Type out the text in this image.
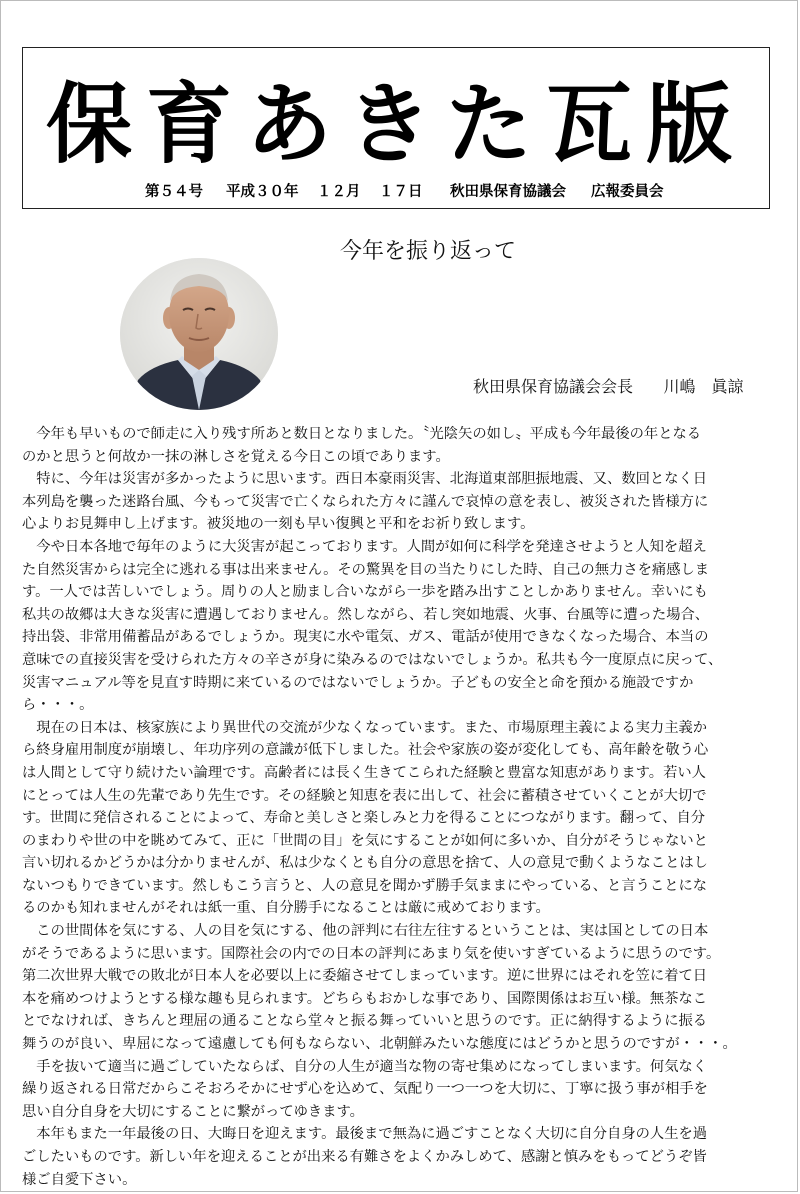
保育あきた瓦版
第５４号 平成３０年 １２月 １７日 秋田県保育協議会 広報委員会
今年を振り返って
秋田県保育協議会会長 川嶋　眞諒
　今年も早いもので師走に入り残す所あと数日となりました。〝光陰矢の如し〟平成も今年最後の年となる
のかと思うと何故か一抹の淋しさを覚える今日この頃であります。
　特に、今年は災害が多かったように思います。西日本豪雨災害、北海道東部胆振地震、又、数回となく日
本列島を襲った迷路台風、今もって災害で亡くなられた方々に謹んで哀悼の意を表し、被災された皆様方に
心よりお見舞申し上げます。被災地の一刻も早い復興と平和をお祈り致します。
　今や日本各地で毎年のように大災害が起こっております。人間が如何に科学を発達させようと人知を超え
た自然災害からは完全に逃れる事は出来ません。その驚異を目の当たりにした時、自己の無力さを痛感しま
す。一人では苦しいでしょう。周りの人と励まし合いながら一歩を踏み出すことしかありません。幸いにも
私共の故郷は大きな災害に遭遇しておりません。然しながら、若し突如地震、火事、台風等に遭った場合、
持出袋、非常用備蓄品があるでしょうか。現実に水や電気、ガス、電話が使用できなくなった場合、本当の
意味での直接災害を受けられた方々の辛さが身に染みるのではないでしょうか。私共も今一度原点に戻って、
災害マニュアル等を見直す時期に来ているのではないでしょうか。子どもの安全と命を預かる施設ですか
ら・・・。
　現在の日本は、核家族により異世代の交流が少なくなっています。また、市場原理主義による実力主義か
ら終身雇用制度が崩壊し、年功序列の意識が低下しました。社会や家族の姿が変化しても、高年齢を敬う心
は人間として守り続けたい論理です。高齢者には長く生きてこられた経験と豊富な知恵があります。若い人
にとっては人生の先輩であり先生です。その経験と知恵を表に出して、社会に蓄積させていくことが大切で
す。世間に発信されることによって、寿命と美しさと楽しみと力を得ることにつながります。翻って、自分
のまわりや世の中を眺めてみて、正に「世間の目」を気にすることが如何に多いか、自分がそうじゃないと
言い切れるかどうかは分かりませんが、私は少なくとも自分の意思を捨て、人の意見で動くようなことはし
ないつもりできています。然しもこう言うと、人の意見を聞かず勝手気ままにやっている、と言うことにな
るのかも知れませんがそれは紙一重、自分勝手になることは厳に戒めております。
　この世間体を気にする、人の目を気にする、他の評判に右往左往するということは、実は国としての日本
がそうであるように思います。国際社会の内での日本の評判にあまり気を使いすぎているように思うのです。
第二次世界大戦での敗北が日本人を必要以上に委縮させてしまっています。逆に世界にはそれを笠に着て日
本を痛めつけようとする様な趣も見られます。どちらもおかしな事であり、国際関係はお互い様。無茶なこ
とでなければ、きちんと理屈の通ることなら堂々と振る舞っていいと思うのです。正に納得するように振る
舞うのが良い、卑屈になって遠慮しても何もならない、北朝鮮みたいな態度にはどうかと思うのですが・・・。
　手を抜いて適当に過ごしていたならば、自分の人生が適当な物の寄せ集めになってしまいます。何気なく
繰り返される日常だからこそおろそかにせず心を込めて、気配り一つ一つを大切に、丁寧に扱う事が相手を
思い自分自身を大切にすることに繋がってゆきます。
　本年もまた一年最後の日、大晦日を迎えます。最後まで無為に過ごすことなく大切に自分自身の人生を過
ごしたいものです。新しい年を迎えることが出来る有難さをよくかみしめて、感謝と慎みをもってどうぞ皆
様ご自愛下さい。
